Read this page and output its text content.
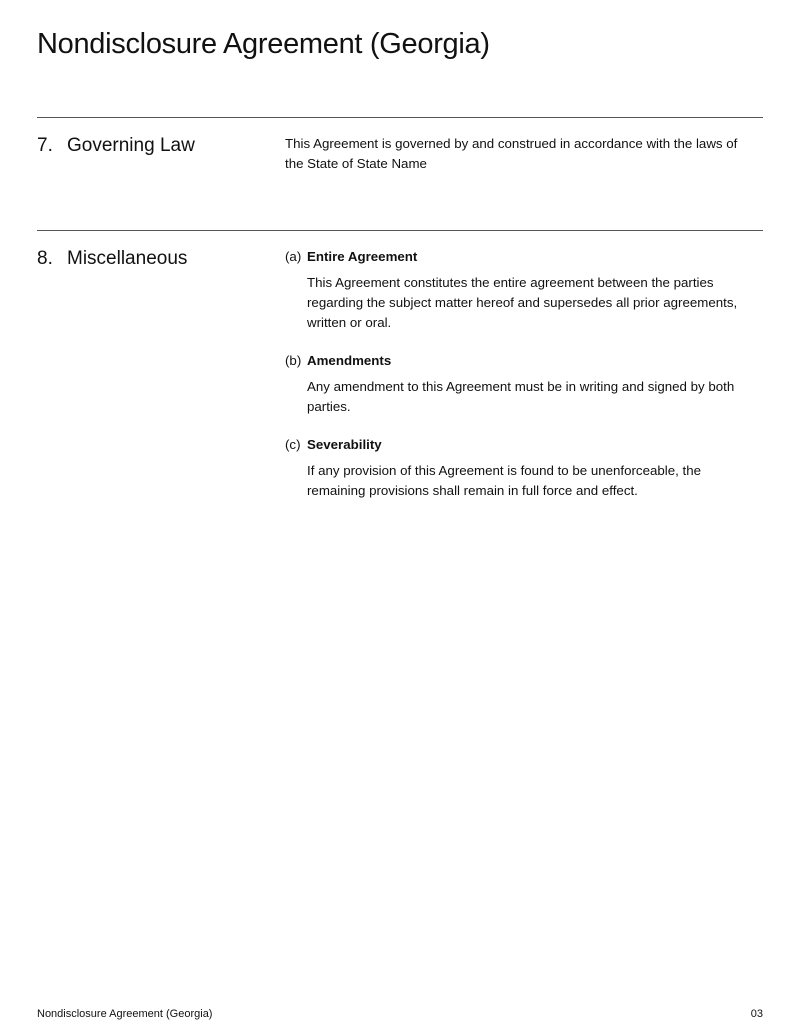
Nondisclosure Agreement (Georgia)
7. Governing Law	This Agreement is governed by and construed in accordance with the laws of the State of State Name

8. Miscellaneous	(a) Entire Agreement

This Agreement constitutes the entire agreement between the parties regarding the subject matter hereof and supersedes all prior agreements, written or oral.

(b) Amendments

Any amendment to this Agreement must be in writing and signed by both parties.

(c) Severability

If any provision of this Agreement is found to be unenforceable, the remaining provisions shall remain in full force and effect.

Nondisclosure Agreement (Georgia)	03
